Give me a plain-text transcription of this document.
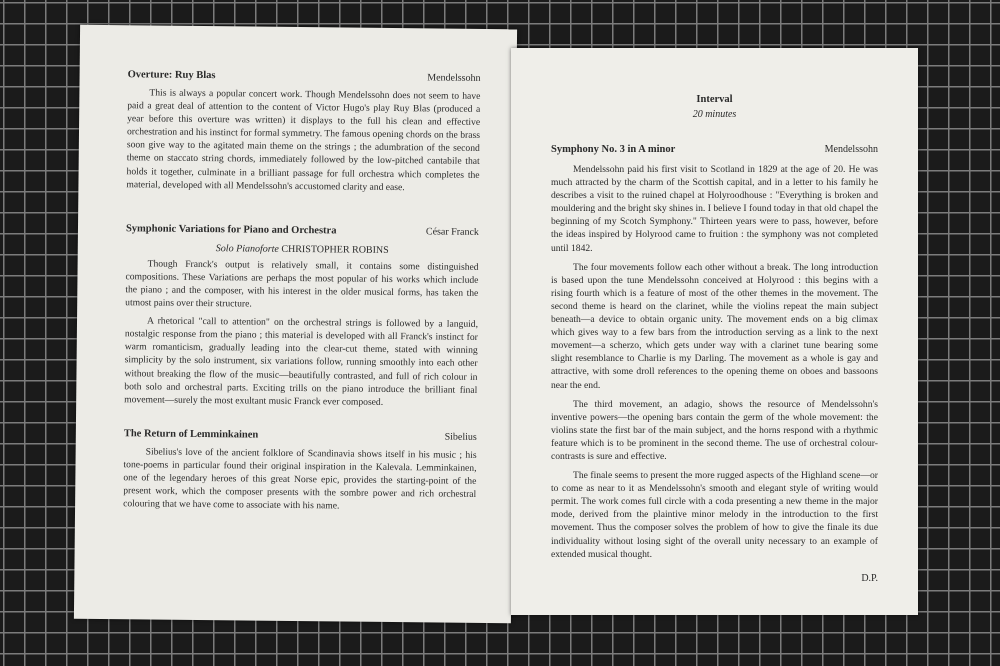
Overture: Ruy Blas	Mendelssohn

This is always a popular concert work. Though Mendelssohn does not seem to have paid a great deal of attention to the content of Victor Hugo's play Ruy Blas (produced a year before this overture was written) it displays to the full his clean and effective orchestration and his instinct for formal symmetry. The famous opening chords on the brass soon give way to the agitated main theme on the strings ; the adumbration of the second theme on staccato string chords, immediately followed by the low-pitched cantabile that holds it together, culminate in a brilliant passage for full orchestra which completes the material, developed with all Mendelssohn's accustomed clarity and ease.

Symphonic Variations for Piano and Orchestra	César Franck
Solo Pianoforte CHRISTOPHER ROBINS

Though Franck's output is relatively small, it contains some distinguished compositions. These Variations are perhaps the most popular of his works which include the piano ; and the composer, with his interest in the older musical forms, has taken the utmost pains over their structure.

A rhetorical "call to attention" on the orchestral strings is followed by a languid, nostalgic response from the piano ; this material is developed with all Franck's instinct for warm romanticism, gradually leading into the clear-cut theme, stated with winning simplicity by the solo instrument, six variations follow, running smoothly into each other without breaking the flow of the music—beautifully contrasted, and full of rich colour in both solo and orchestral parts. Exciting trills on the piano introduce the brilliant final movement—surely the most exultant music Franck ever composed.

The Return of Lemminkainen	Sibelius

Sibelius's love of the ancient folklore of Scandinavia shows itself in his music ; his tone-poems in particular found their original inspiration in the Kalevala. Lemminkainen, one of the legendary heroes of this great Norse epic, provides the starting-point of the present work, which the composer presents with the sombre power and rich orchestral colouring that we have come to associate with his name.

Interval
20 minutes
Symphony No. 3 in A minor	Mendelssohn

Mendelssohn paid his first visit to Scotland in 1829 at the age of 20. He was much attracted by the charm of the Scottish capital, and in a letter to his family he describes a visit to the ruined chapel at Holyroodhouse : "Everything is broken and mouldering and the bright sky shines in. I believe I found today in that old chapel the beginning of my Scotch Symphony." Thirteen years were to pass, however, before the ideas inspired by Holyrood came to fruition : the symphony was not completed until 1842.

The four movements follow each other without a break. The long introduction is based upon the tune Mendelssohn conceived at Holyrood : this begins with a rising fourth which is a feature of most of the other themes in the movement. The second theme is heard on the clarinet, while the violins repeat the main subject beneath—a device to obtain organic unity. The movement ends on a big climax which gives way to a few bars from the introduction serving as a link to the next movement—a scherzo, which gets under way with a clarinet tune bearing some slight resemblance to Charlie is my Darling. The movement as a whole is gay and attractive, with some droll references to the opening theme on oboes and bassoons near the end.

The third movement, an adagio, shows the resource of Mendelssohn's inventive powers—the opening bars contain the germ of the whole movement: the violins state the first bar of the main subject, and the horns respond with a rhythmic feature which is to be prominent in the second theme. The use of orchestral colour-contrasts is sure and effective.

The finale seems to present the more rugged aspects of the Highland scene—or to come as near to it as Mendelssohn's smooth and elegant style of writing would permit. The work comes full circle with a coda presenting a new theme in the major mode, derived from the plaintive minor melody in the introduction to the first movement. Thus the composer solves the problem of how to give the finale its due individuality without losing sight of the overall unity necessary to an example of extended musical thought.

D.P.
